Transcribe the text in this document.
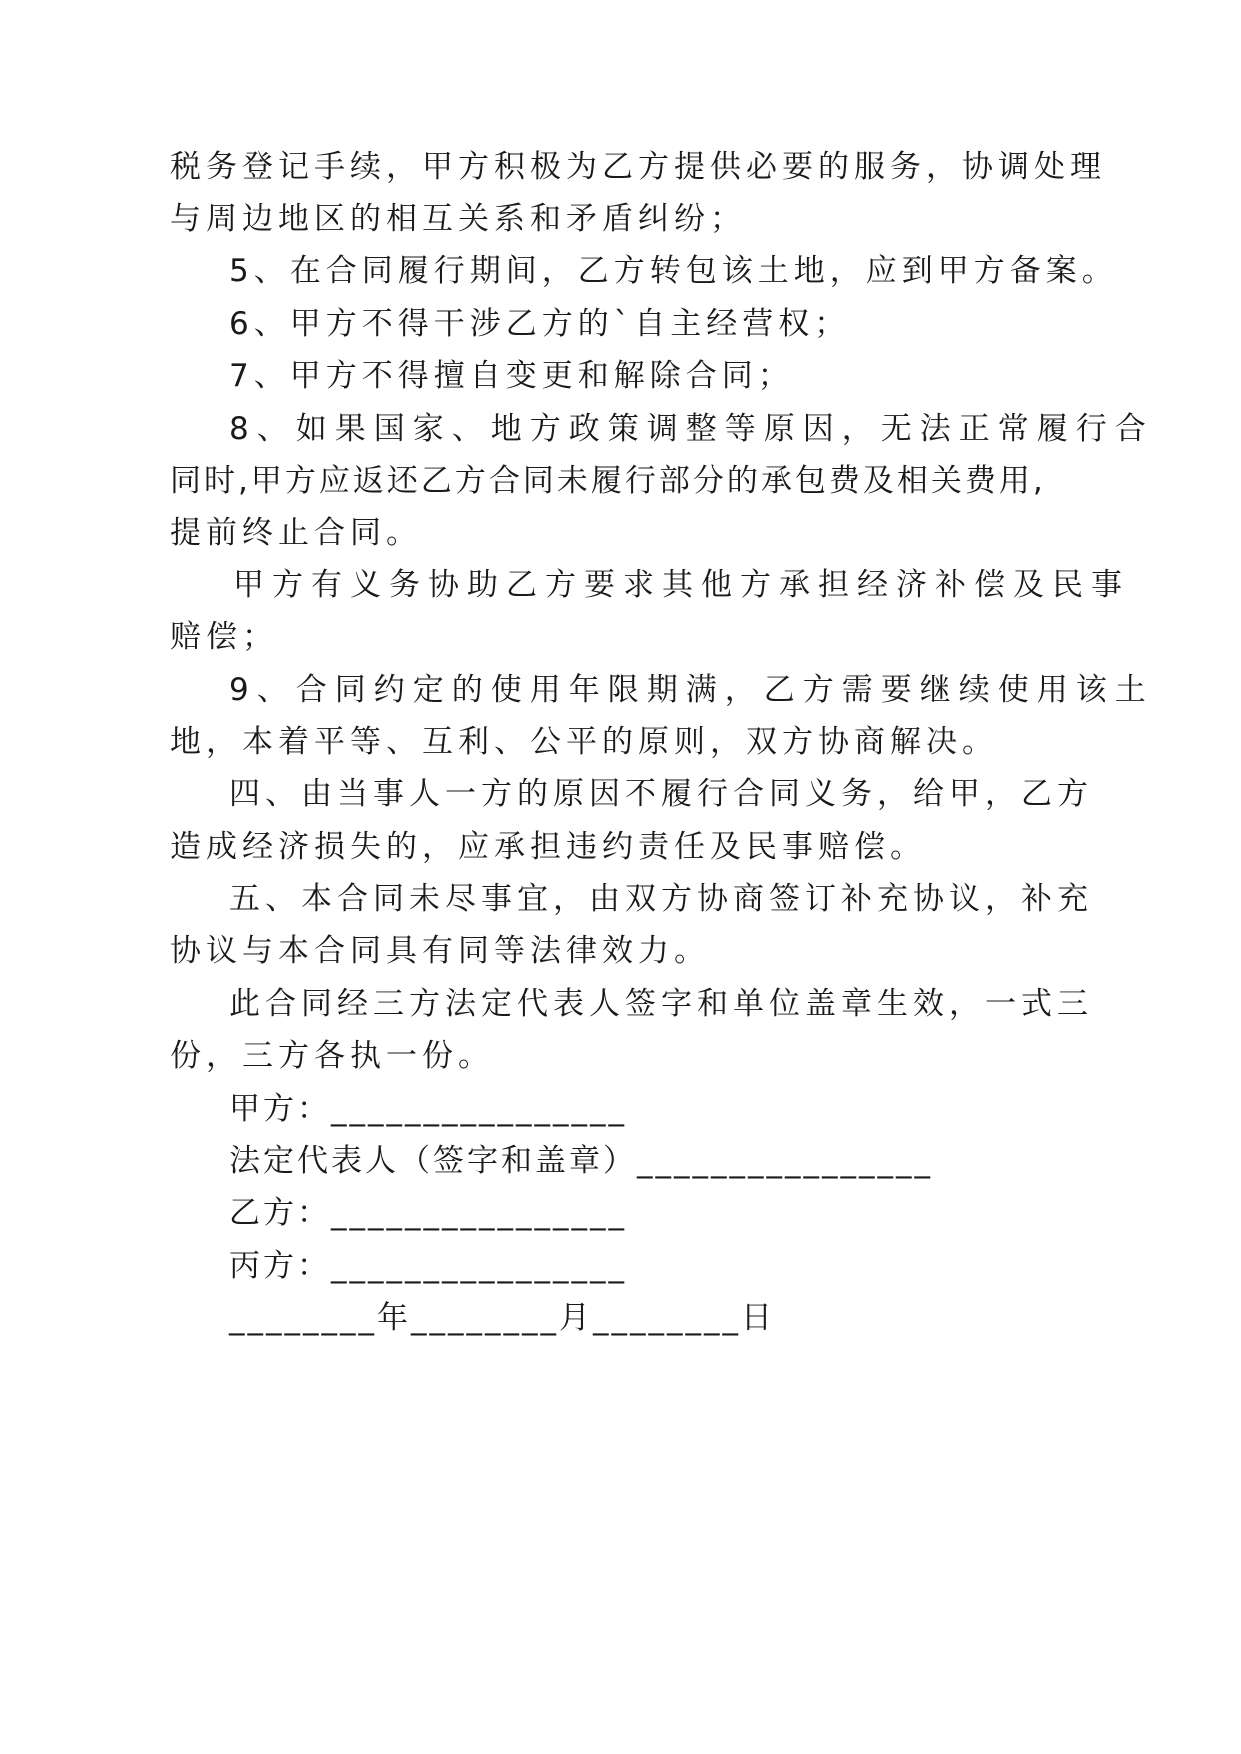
税务登记手续，甲方积极为乙方提供必要的服务，协调处理
与周边地区的相互关系和矛盾纠纷；
5、在合同履行期间，乙方转包该土地，应到甲方备案。
6、甲方不得干涉乙方的`自主经营权；
7、甲方不得擅自变更和解除合同；
8、如果国家、地方政策调整等原因，无法正常履行合
同时,甲方应返还乙方合同未履行部分的承包费及相关费用,
提前终止合同。
甲方有义务协助乙方要求其他方承担经济补偿及民事
赔偿；
9、合同约定的使用年限期满，乙方需要继续使用该土
地，本着平等、互利、公平的原则，双方协商解决。
四、由当事人一方的原因不履行合同义务，给甲，乙方
造成经济损失的，应承担违约责任及民事赔偿。
五、本合同未尽事宜，由双方协商签订补充协议，补充
协议与本合同具有同等法律效力。
此合同经三方法定代表人签字和单位盖章生效，一式三
份，三方各执一份。
甲方：________________
法定代表人（签字和盖章）________________
乙方：________________
丙方：________________
________年________月________日
